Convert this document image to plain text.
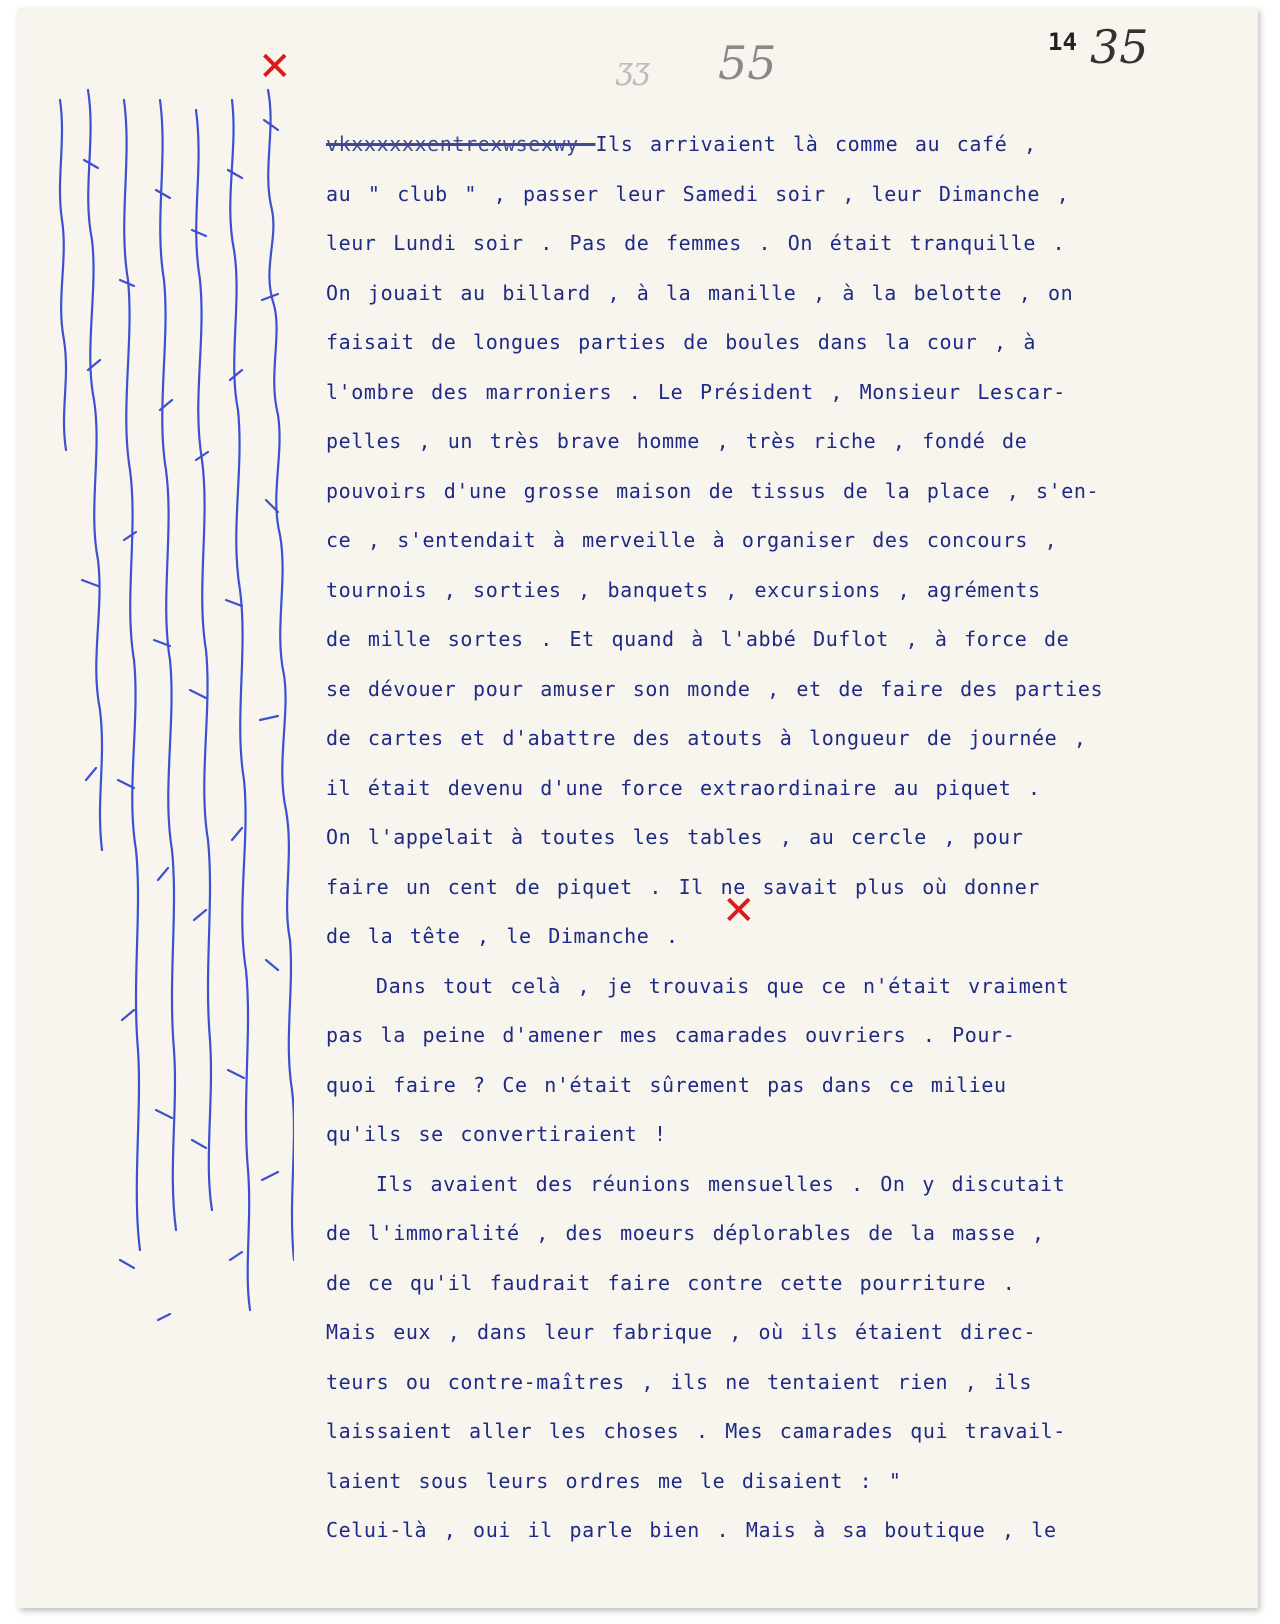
ʒʒ 55	14 35
✕
✕
vkxxxxxxentrexwsexwy Ils arrivaient là comme au café ,
au " club " , passer leur Samedi soir , leur Dimanche ,
leur Lundi soir . Pas de femmes . On était tranquille .
On jouait au billard , à la manille , à la belotte , on
faisait de longues parties de boules dans la cour , à
l'ombre des marroniers . Le Président , Monsieur Lescar-
pelles , un très brave homme , très riche , fondé de
pouvoirs d'une grosse maison de tissus de la place , s'en-
ce , s'entendait à merveille à organiser des concours ,
tournois , sorties , banquets , excursions , agréments
de mille sortes . Et quand à l'abbé Duflot , à force de
se dévouer pour amuser son monde , et de faire des parties
de cartes et d'abattre des atouts à longueur de journée ,
il était devenu d'une force extraordinaire au piquet .
On l'appelait à toutes les tables , au cercle , pour
faire un cent de piquet . Il ne savait plus où donner
de la tête , le Dimanche .
Dans tout celà , je trouvais que ce n'était vraiment
pas la peine d'amener mes camarades ouvriers . Pour-
quoi faire ? Ce n'était sûrement pas dans ce milieu
qu'ils se convertiraient !
Ils avaient des réunions mensuelles . On y discutait
de l'immoralité , des moeurs déplorables de la masse ,
de ce qu'il faudrait faire contre cette pourriture .
Mais eux , dans leur fabrique , où ils étaient direc-
teurs ou contre-maîtres , ils ne tentaient rien , ils
laissaient aller les choses . Mes camarades qui travail-
laient sous leurs ordres me le disaient : "
Celui-là , oui il parle bien . Mais à sa boutique , le
